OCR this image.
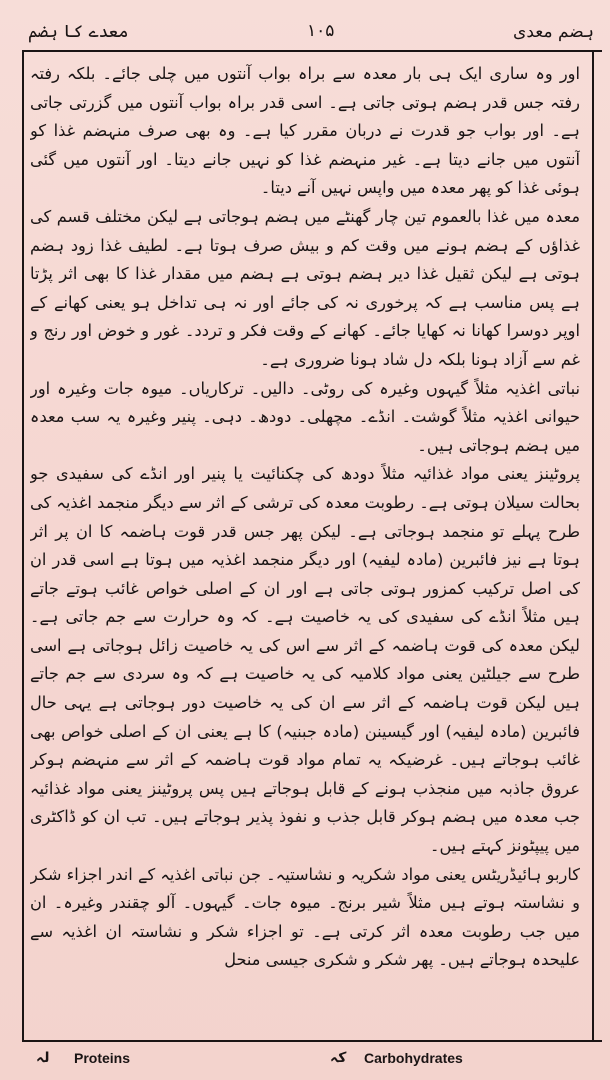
ہضم معدی
۱۰۵
معدے کا ہضم

اور وہ ساری ایک ہی بار معدہ سے براہ بواب آنتوں میں چلی جائے۔ بلکہ رفتہ رفتہ جس قدر ہضم ہوتی جاتی ہے۔ اسی قدر براہ بواب آنتوں میں گزرتی جاتی ہے۔ اور بواب جو قدرت نے دربان مقرر کیا ہے۔ وہ بھی صرف منہضم غذا کو آنتوں میں جانے دیتا ہے۔ غیر منہضم غذا کو نہیں جانے دیتا۔ اور آنتوں میں گئی ہوئی غذا کو پھر معدہ میں واپس نہیں آنے دیتا۔

معدہ میں غذا بالعموم تین چار گھنٹے میں ہضم ہوجاتی ہے لیکن مختلف قسم کی غذاؤں کے ہضم ہونے میں وقت کم و بیش صرف ہوتا ہے۔ لطیف غذا زود ہضم ہوتی ہے لیکن ثقیل غذا دیر ہضم ہوتی ہے ہضم میں مقدار غذا کا بھی اثر پڑتا ہے پس مناسب ہے کہ پرخوری نہ کی جائے اور نہ ہی تداخل ہو یعنی کھانے کے اوپر دوسرا کھانا نہ کھایا جائے۔ کھانے کے وقت فکر و تردد۔ غور و خوض اور رنج و غم سے آزاد ہونا بلکہ دل شاد ہونا ضروری ہے۔

نباتی اغذیہ مثلاً گیہوں وغیرہ کی روٹی۔ دالیں۔ ترکاریاں۔ میوہ جات وغیرہ اور حیوانی اغذیہ مثلاً گوشت۔ انڈے۔ مچھلی۔ دودھ۔ دہی۔ پنیر وغیرہ یہ سب معدہ میں ہضم ہوجاتی ہیں۔

پروٹینز یعنی مواد غذائیہ مثلاً دودھ کی چکنائیت یا پنیر اور انڈے کی سفیدی جو بحالت سیلان ہوتی ہے۔ رطوبت معدہ کی ترشی کے اثر سے دیگر منجمد اغذیہ کی طرح پہلے تو منجمد ہوجاتی ہے۔ لیکن پھر جس قدر قوت ہاضمہ کا ان پر اثر ہوتا ہے نیز فائبرین (مادہ لیفیہ) اور دیگر منجمد اغذیہ میں ہوتا ہے اسی قدر ان کی اصل ترکیب کمزور ہوتی جاتی ہے اور ان کے اصلی خواص غائب ہوتے جاتے ہیں مثلاً انڈے کی سفیدی کی یہ خاصیت ہے۔ کہ وہ حرارت سے جم جاتی ہے۔ لیکن معدہ کی قوت ہاضمہ کے اثر سے اس کی یہ خاصیت زائل ہوجاتی ہے اسی طرح سے جیلٹین یعنی مواد کلامیہ کی یہ خاصیت ہے کہ وہ سردی سے جم جاتے ہیں لیکن قوت ہاضمہ کے اثر سے ان کی یہ خاصیت دور ہوجاتی ہے یہی حال فائبرین (مادہ لیفیہ) اور گیسینن (مادہ جبنیہ) کا ہے یعنی ان کے اصلی خواص بھی غائب ہوجاتے ہیں۔ غرضیکہ یہ تمام مواد قوت ہاضمہ کے اثر سے منہضم ہوکر عروق جاذبہ میں منجذب ہونے کے قابل ہوجاتے ہیں پس پروٹینز یعنی مواد غذائیہ جب معدہ میں ہضم ہوکر قابل جذب و نفوذ پذیر ہوجاتے ہیں۔ تب ان کو ڈاکٹری میں پیپٹونز کہتے ہیں۔

کاربو ہائیڈریٹس یعنی مواد شکریہ و نشاستیہ۔ جن نباتی اغذیہ کے اندر اجزاء شکر و نشاستہ ہوتے ہیں مثلاً شیر برنج۔ میوہ جات۔ گیہوں۔ آلو چقندر وغیرہ۔ ان میں جب رطوبت معدہ اثر کرتی ہے۔ تو اجزاء شکر و نشاستہ ان اغذیہ سے علیحدہ ہوجاتے ہیں۔ پھر شکر و شکری جیسی منحل

لہ Proteins	کہ Carbohydrates
